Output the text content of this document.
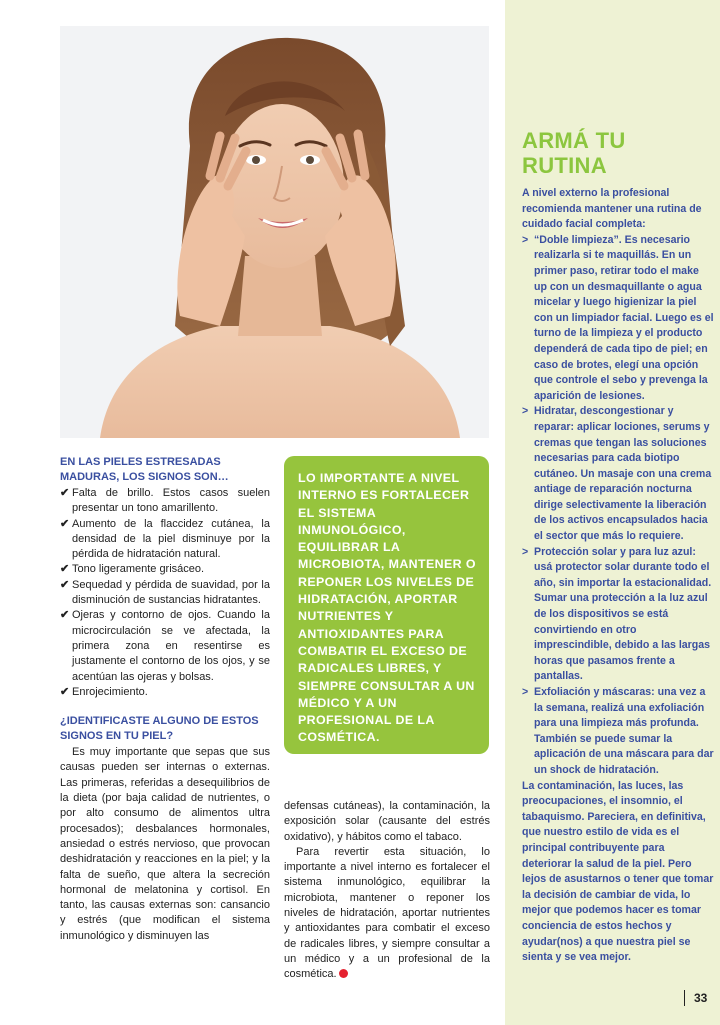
ARMÁ TU RUTINA

A nivel externo la profesional recomienda mantener una rutina de cuidado facial completa:

> “Doble limpieza”. Es necesario realizarla si te maquillás. En un primer paso, retirar todo el make up con un desmaquillante o agua micelar y luego higienizar la piel con un limpiador facial. Luego es el turno de la limpieza y el producto dependerá de cada tipo de piel; en caso de brotes, elegí una opción que controle el sebo y prevenga la aparición de lesiones.

> Hidratar, descongestionar y reparar: aplicar lociones, serums y cremas que tengan las soluciones necesarias para cada biotipo cutáneo. Un masaje con una crema antiage de reparación nocturna dirige selectivamente la liberación de los activos encapsulados hacia el sector que más lo requiere.

> Protección solar y para luz azul: usá protector solar durante todo el año, sin importar la estacionalidad. Sumar una protección a la luz azul de los dispositivos se está convirtiendo en otro imprescindible, debido a las largas horas que pasamos frente a pantallas.

> Exfoliación y máscaras: una vez a la semana, realizá una exfoliación para una limpieza más profunda. También se puede sumar la aplicación de una máscara para dar un shock de hidratación.

La contaminación, las luces, las preocupaciones, el insomnio, el tabaquismo. Pareciera, en definitiva, que nuestro estilo de vida es el principal contribuyente para deteriorar la salud de la piel. Pero lejos de asustarnos o tener que tomar la decisión de cambiar de vida, lo mejor que podemos hacer es tomar conciencia de estos hechos y ayudar(nos) a que nuestra piel se sienta y se vea mejor.

EN LAS PIELES ESTRESADAS MADURAS, LOS SIGNOS SON…
✔ Falta de brillo. Estos casos suelen presentar un tono amarillento.
✔ Aumento de la flaccidez cutánea, la densidad de la piel disminuye por la pérdida de hidratación natural.
✔ Tono ligeramente grisáceo.
✔ Sequedad y pérdida de suavidad, por la disminución de sustancias hidratantes.
✔ Ojeras y contorno de ojos. Cuando la microcirculación se ve afectada, la primera zona en resentirse es justamente el contorno de los ojos, y se acentúan las ojeras y bolsas.
✔ Enrojecimiento.
¿IDENTIFICASTE ALGUNO DE ESTOS SIGNOS EN TU PIEL?

Es muy importante que sepas que sus causas pueden ser internas o externas. Las primeras, referidas a desequilibrios de la dieta (por baja calidad de nutrientes, o por alto consumo de alimentos ultra procesados); desbalances hormonales, ansiedad o estrés nervioso, que provocan deshidratación y reacciones en la piel; y la falta de sueño, que altera la secreción hormonal de melatonina y cortisol. En tanto, las causas externas son: cansancio y estrés (que modifican el sistema inmunológico y disminuyen las

LO IMPORTANTE A NIVEL INTERNO ES FORTALECER EL SISTEMA INMUNOLÓGICO, EQUILIBRAR LA MICROBIOTA, MANTENER O REPONER LOS NIVELES DE HIDRATACIÓN, APORTAR NUTRIENTES Y ANTIOXIDANTES PARA COMBATIR EL EXCESO DE RADICALES LIBRES, Y SIEMPRE CONSULTAR A UN MÉDICO Y A UN PROFESIONAL DE LA COSMÉTICA.

defensas cutáneas), la contaminación, la exposición solar (causante del estrés oxidativo), y hábitos como el tabaco.

Para revertir esta situación, lo importante a nivel interno es fortalecer el sistema inmunológico, equilibrar la microbiota, mantener o reponer los niveles de hidratación, aportar nutrientes y antioxidantes para combatir el exceso de radicales libres, y siempre consultar a un médico y a un profesional de la cosmética.

33
